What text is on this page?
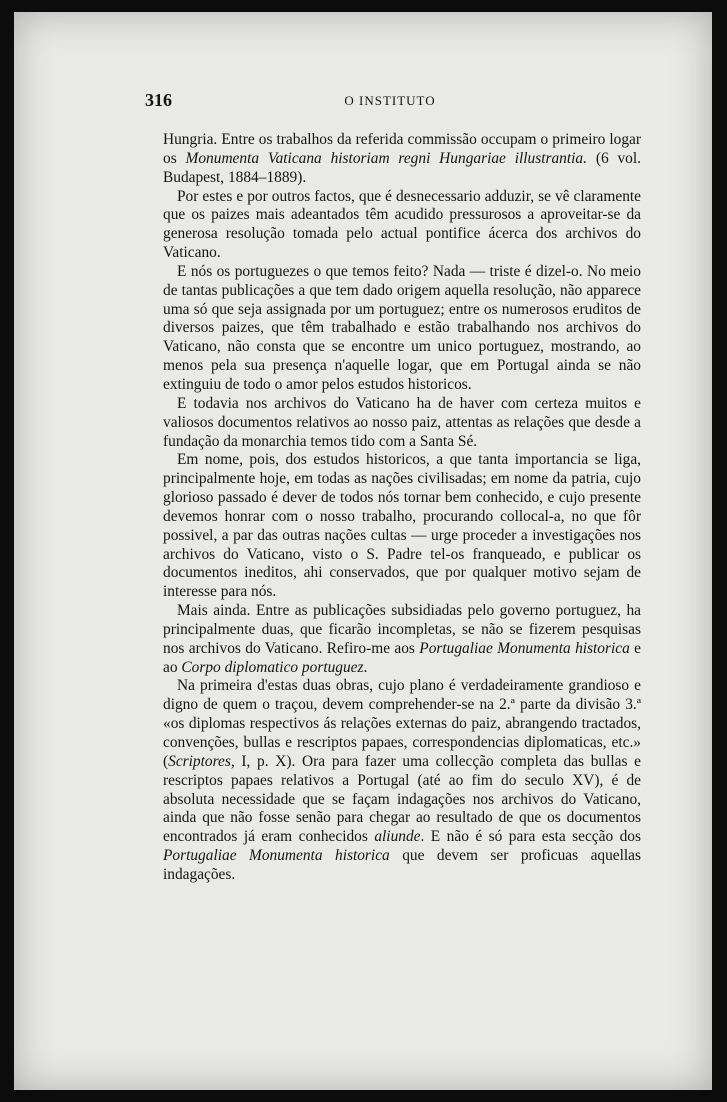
316	O INSTITUTO

Hungria. Entre os trabalhos da referida commissão occupam o primeiro logar os Monumenta Vaticana historiam regni Hungariae illustrantia. (6 vol. Budapest, 1884–1889).

Por estes e por outros factos, que é desnecessario adduzir, se vê claramente que os paizes mais adeantados têm acudido pressurosos a aproveitar-se da generosa resolução tomada pelo actual pontifice ácerca dos archivos do Vaticano.

E nós os portuguezes o que temos feito? Nada — triste é dizel-o. No meio de tantas publicações a que tem dado origem aquella resolução, não apparece uma só que seja assignada por um portuguez; entre os numerosos eruditos de diversos paizes, que têm trabalhado e estão trabalhando nos archivos do Vaticano, não consta que se encontre um unico portuguez, mostrando, ao menos pela sua presença n'aquelle logar, que em Portugal ainda se não extinguiu de todo o amor pelos estudos historicos.

E todavia nos archivos do Vaticano ha de haver com certeza muitos e valiosos documentos relativos ao nosso paiz, attentas as relações que desde a fundação da monarchia temos tido com a Santa Sé.

Em nome, pois, dos estudos historicos, a que tanta importancia se liga, principalmente hoje, em todas as nações civilisadas; em nome da patria, cujo glorioso passado é dever de todos nós tornar bem conhecido, e cujo presente devemos honrar com o nosso trabalho, procurando collocal-a, no que fôr possivel, a par das outras nações cultas — urge proceder a investigações nos archivos do Vaticano, visto o S. Padre tel-os franqueado, e publicar os documentos ineditos, ahi conservados, que por qualquer motivo sejam de interesse para nós.

Mais ainda. Entre as publicações subsidiadas pelo governo portuguez, ha principalmente duas, que ficarão incompletas, se não se fizerem pesquisas nos archivos do Vaticano. Refiro-me aos Portugaliae Monumenta historica e ao Corpo diplomatico portuguez.

Na primeira d'estas duas obras, cujo plano é verdadeiramente grandioso e digno de quem o traçou, devem comprehender-se na 2.ª parte da divisão 3.ª «os diplomas respectivos ás relações externas do paiz, abrangendo tractados, convenções, bullas e rescriptos papaes, correspondencias diplomaticas, etc.» (Scriptores, I, p. X). Ora para fazer uma collecção completa das bullas e rescriptos papaes relativos a Portugal (até ao fim do seculo XV), é de absoluta necessidade que se façam indagações nos archivos do Vaticano, ainda que não fosse senão para chegar ao resultado de que os documentos encontrados já eram conhecidos aliunde. E não é só para esta secção dos Portugaliae Monumenta historica que devem ser proficuas aquellas indagações.
